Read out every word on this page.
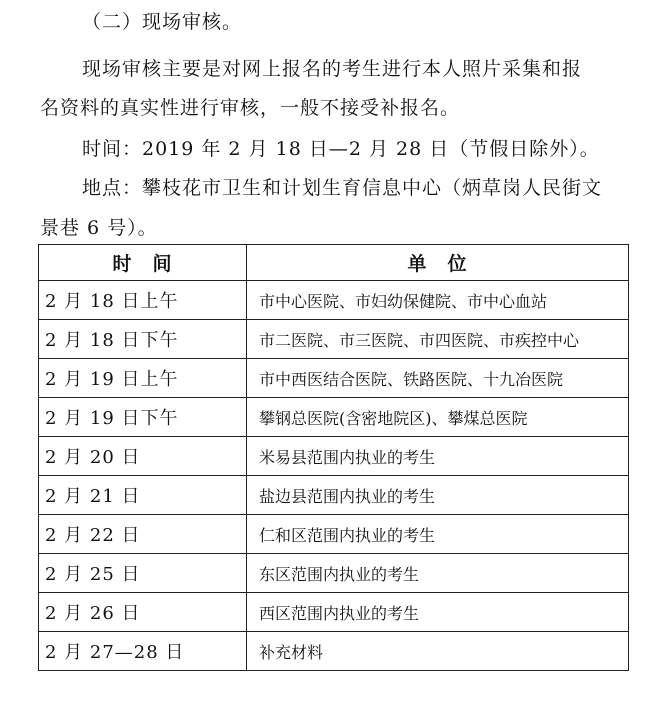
（二）现场审核。
现场审核主要是对网上报名的考生进行本人照片采集和报
名资料的真实性进行审核，一般不接受补报名。
时间：2019 年 2 月 18 日—2 月 28 日（节假日除外）。
地点：攀枝花市卫生和计划生育信息中心（炳草岗人民街文
景巷 6 号）。
时　间	单　位
2 月 18 日上午	市中心医院、市妇幼保健院、市中心血站
2 月 18 日下午	市二医院、市三医院、市四医院、市疾控中心
2 月 19 日上午	市中西医结合医院、铁路医院、十九冶医院
2 月 19 日下午	攀钢总医院(含密地院区)、攀煤总医院
2 月 20 日	米易县范围内执业的考生
2 月 21 日	盐边县范围内执业的考生
2 月 22 日	仁和区范围内执业的考生
2 月 25 日	东区范围内执业的考生
2 月 26 日	西区范围内执业的考生
2 月 27—28 日	补充材料
